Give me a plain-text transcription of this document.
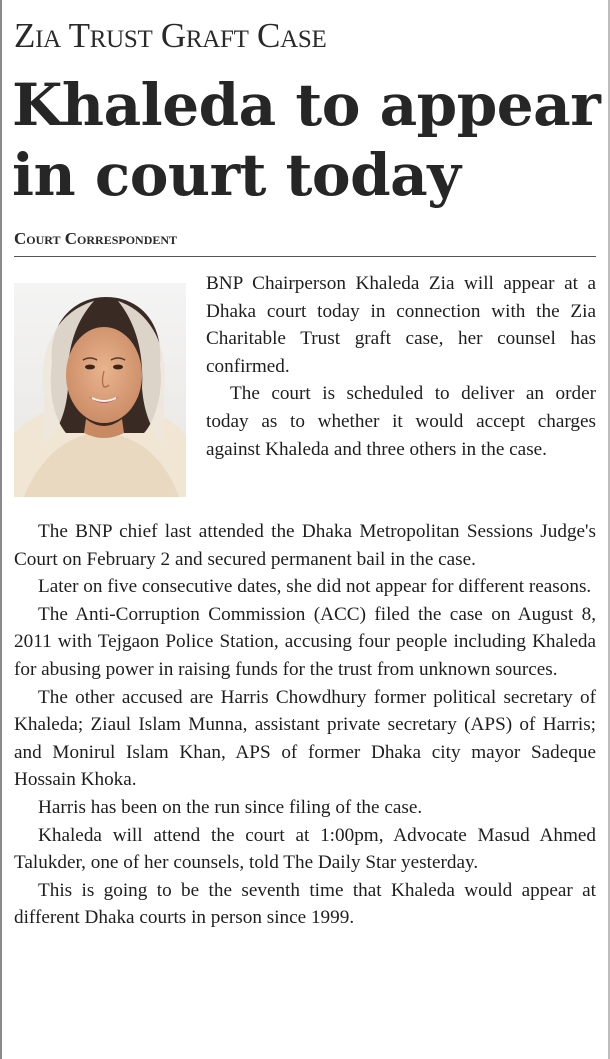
Zia Trust Graft Case
Khaleda to appear
in court today
Court Correspondent

BNP Chairperson Khaleda Zia will appear at a Dhaka court today in connection with the Zia Charitable Trust graft case, her counsel has confirmed.

The court is scheduled to deliver an order today as to whether it would accept charges against Khaleda and three others in the case.

The BNP chief last attended the Dhaka Metropolitan Sessions Judge's Court on February 2 and secured permanent bail in the case.

Later on five consecutive dates, she did not appear for different reasons.

The Anti-Corruption Commission (ACC) filed the case on August 8, 2011 with Tejgaon Police Station, accusing four people including Khaleda for abusing power in raising funds for the trust from unknown sources.

The other accused are Harris Chowdhury former political secretary of Khaleda; Ziaul Islam Munna, assistant private secretary (APS) of Harris; and Monirul Islam Khan, APS of former Dhaka city mayor Sadeque Hossain Khoka.

Harris has been on the run since filing of the case.

Khaleda will attend the court at 1:00pm, Advocate Masud Ahmed Talukder, one of her counsels, told The Daily Star yesterday.

This is going to be the seventh time that Khaleda would appear at different Dhaka courts in person since 1999.
